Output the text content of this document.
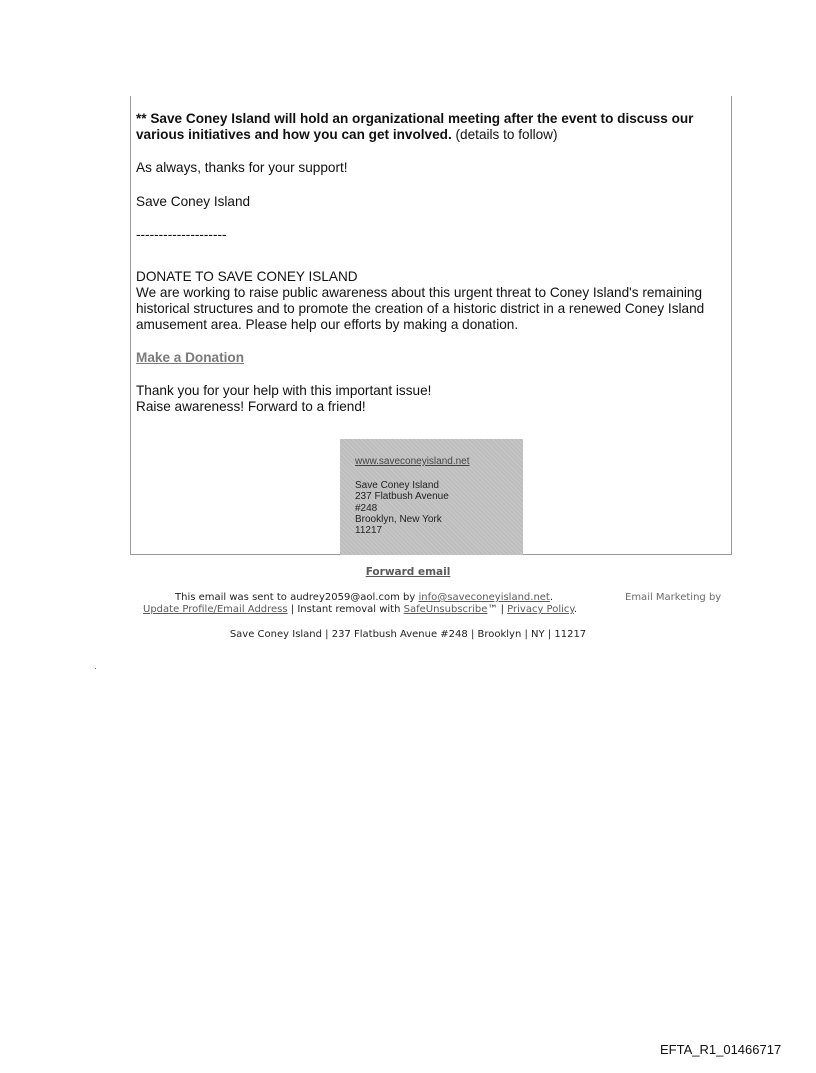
** Save Coney Island will hold an organizational meeting after the event to discuss our various initiatives and how you can get involved. (details to follow)

As always, thanks for your support!

Save Coney Island

--------------------

DONATE TO SAVE CONEY ISLAND

We are working to raise public awareness about this urgent threat to Coney Island's remaining historical structures and to promote the creation of a historic district in a renewed Coney Island amusement area. Please help our efforts by making a donation.

Make a Donation

Thank you for your help with this important issue!

Raise awareness! Forward to a friend!

www.saveconeyisland.net
Save Coney Island
237 Flatbush Avenue
#248
Brooklyn, New York
11217
Forward email
This email was sent to audrey2059@aol.com by info@saveconeyisland.net.	Email Marketing by
Update Profile/Email Address | Instant removal with SafeUnsubscribe™ | Privacy Policy.
Save Coney Island | 237 Flatbush Avenue #248 | Brooklyn | NY | 11217
EFTA_R1_01466717
